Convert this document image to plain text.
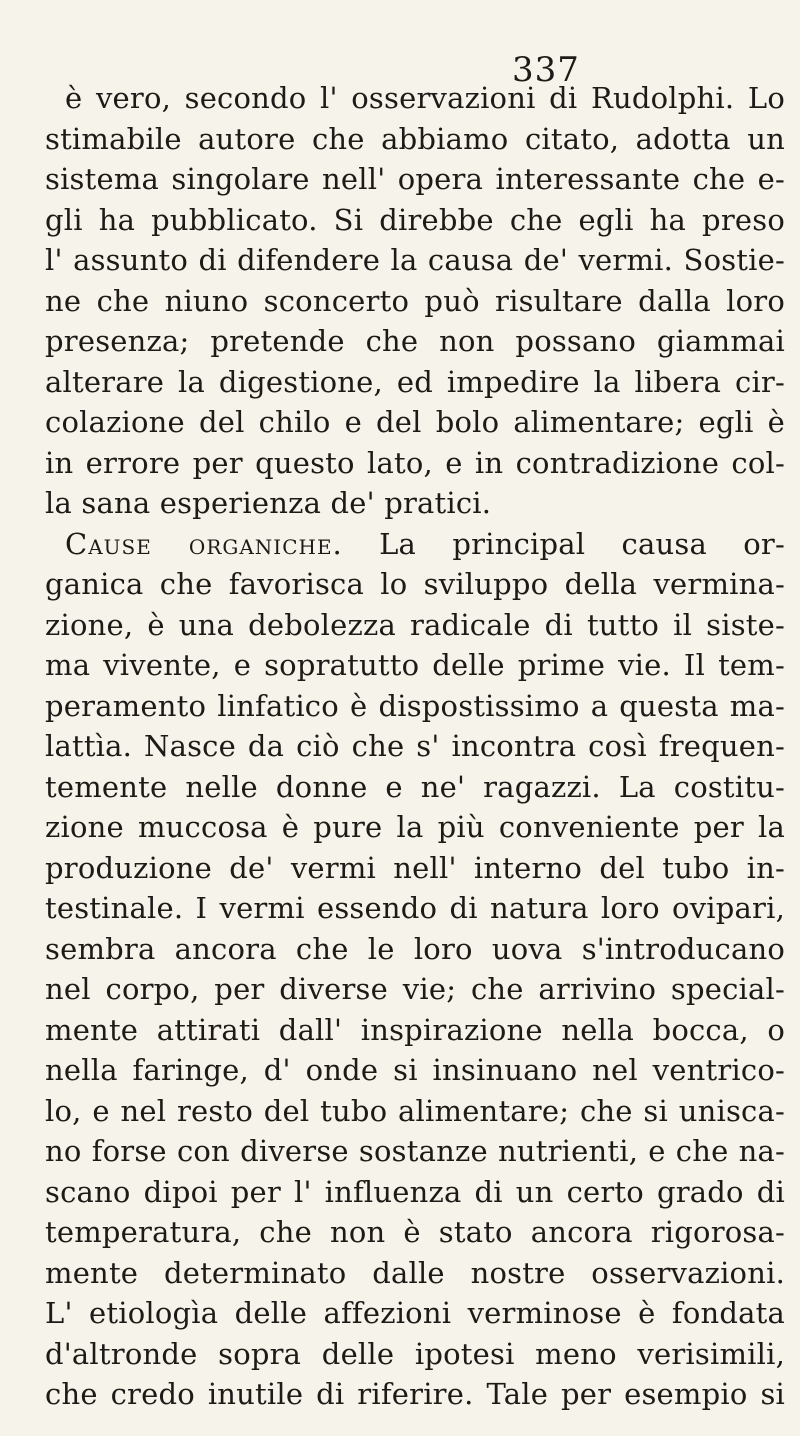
337
è vero, secondo l' osservazioni di Rudolphi. Lo
stimabile autore che abbiamo citato, adotta un
sistema singolare nell' opera interessante che e-
gli ha pubblicato. Si direbbe che egli ha preso
l' assunto di difendere la causa de' vermi. Sostie-
ne che niuno sconcerto può risultare dalla loro
presenza; pretende che non possano giammai
alterare la digestione, ed impedire la libera cir-
colazione del chilo e del bolo alimentare; egli è
in errore per questo lato, e in contradizione col-
la sana esperienza de' pratici.
Cause organiche. La principal causa or-
ganica che favorisca lo sviluppo della vermina-
zione, è una debolezza radicale di tutto il siste-
ma vivente, e sopratutto delle prime vie. Il tem-
peramento linfatico è dispostissimo a questa ma-
lattìa. Nasce da ciò che s' incontra così frequen-
temente nelle donne e ne' ragazzi. La costitu-
zione muccosa è pure la più conveniente per la
produzione de' vermi nell' interno del tubo in-
testinale. I vermi essendo di natura loro ovipari,
sembra ancora che le loro uova s'introducano
nel corpo, per diverse vie; che arrivino special-
mente attirati dall' inspirazione nella bocca, o
nella faringe, d' onde si insinuano nel ventrico-
lo, e nel resto del tubo alimentare; che si unisca-
no forse con diverse sostanze nutrienti, e che na-
scano dipoi per l' influenza di un certo grado di
temperatura, che non è stato ancora rigorosa-
mente determinato dalle nostre osservazioni.
L' etiologìa delle affezioni verminose è fondata
d'altronde sopra delle ipotesi meno verisimili,
che credo inutile di riferire. Tale per esempio si
